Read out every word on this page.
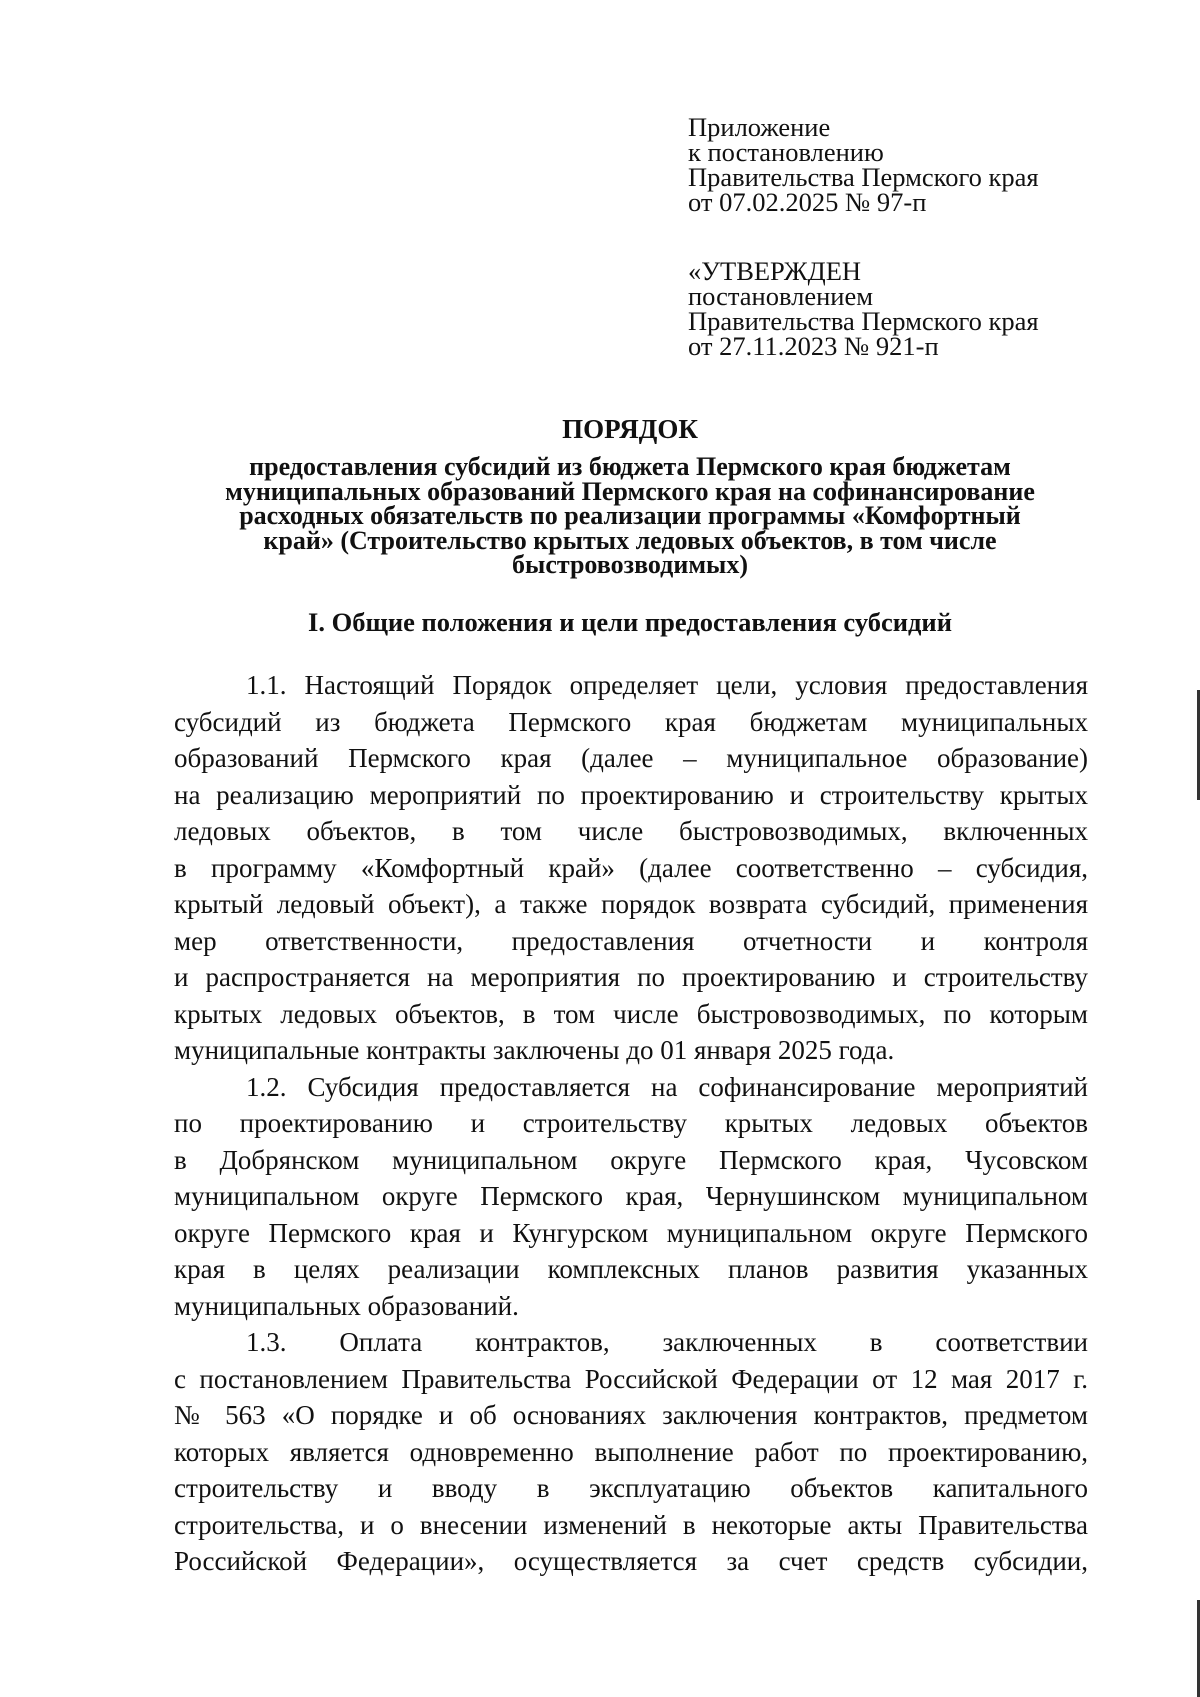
Приложение
к постановлению
Правительства Пермского края
от 07.02.2025 № 97-п
«УТВЕРЖДЕН
постановлением
Правительства Пермского края
от 27.11.2023 № 921-п
ПОРЯДОК
предоставления субсидий из бюджета Пермского края бюджетам
муниципальных образований Пермского края на софинансирование
расходных обязательств по реализации программы «Комфортный
край» (Строительство крытых ледовых объектов, в том числе
быстровозводимых)
I. Общие положения и цели предоставления субсидий
1.1. Настоящий Порядок определяет цели, условия предоставления
субсидий из бюджета Пермского края бюджетам муниципальных
образований Пермского края (далее – муниципальное образование)
на реализацию мероприятий по проектированию и строительству крытых
ледовых объектов, в том числе быстровозводимых, включенных
в программу «Комфортный край» (далее соответственно – субсидия,
крытый ледовый объект), а также порядок возврата субсидий, применения
мер ответственности, предоставления отчетности и контроля
и распространяется на мероприятия по проектированию и строительству
крытых ледовых объектов, в том числе быстровозводимых, по которым
муниципальные контракты заключены до 01 января 2025 года.
1.2. Субсидия предоставляется на софинансирование мероприятий
по проектированию и строительству крытых ледовых объектов
в Добрянском муниципальном округе Пермского края, Чусовском
муниципальном округе Пермского края, Чернушинском муниципальном
округе Пермского края и Кунгурском муниципальном округе Пермского
края в целях реализации комплексных планов развития указанных
муниципальных образований.
1.3. Оплата контрактов, заключенных в соответствии
с постановлением Правительства Российской Федерации от 12 мая 2017 г.
№ 563 «О порядке и об основаниях заключения контрактов, предметом
которых является одновременно выполнение работ по проектированию,
строительству и вводу в эксплуатацию объектов капитального
строительства, и о внесении изменений в некоторые акты Правительства
Российской Федерации», осуществляется за счет средств субсидии,
